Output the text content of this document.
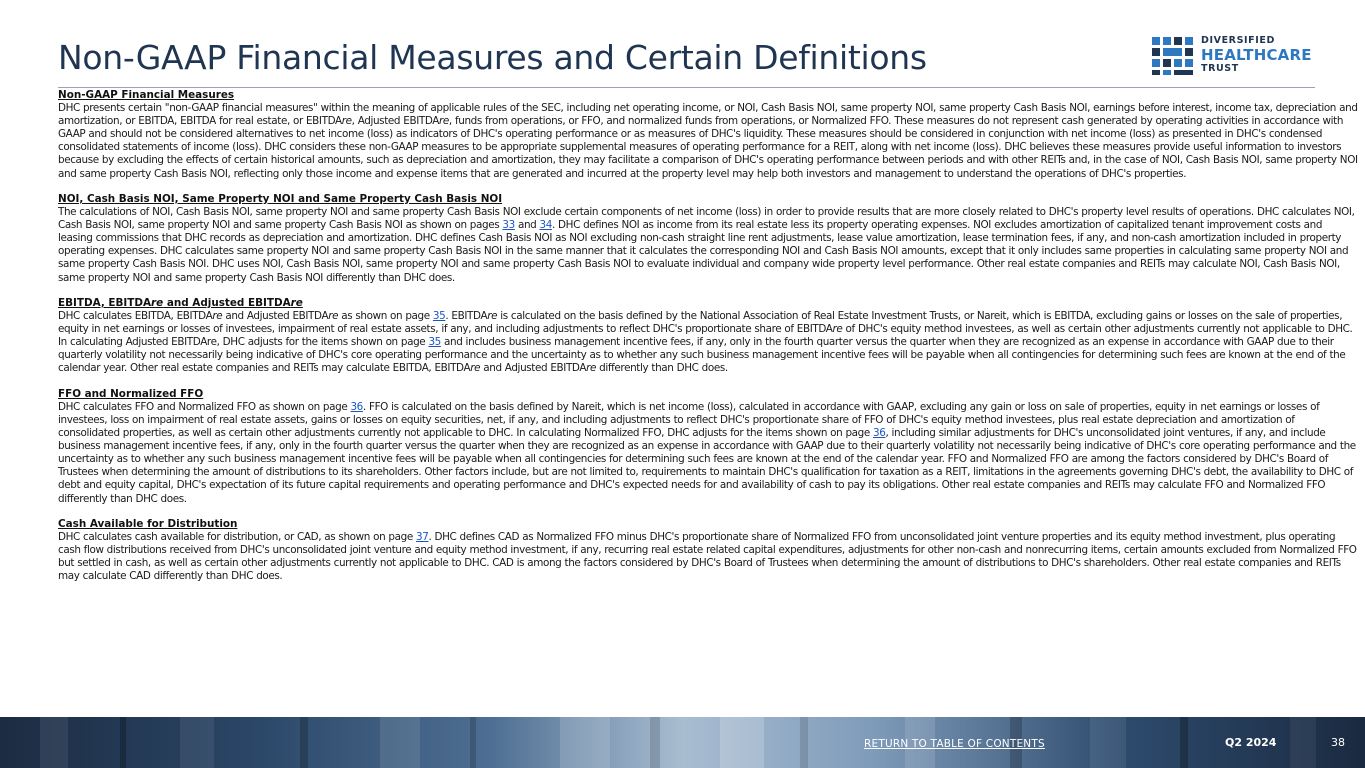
Non-GAAP Financial Measures and Certain Definitions	DIVERSIFIED
HEALTHCARE
TRUST
Non-GAAP Financial Measures

DHC presents certain "non-GAAP financial measures" within the meaning of applicable rules of the SEC, including net operating income, or NOI, Cash Basis NOI, same property NOI, same property Cash Basis NOI, earnings before interest, income tax, depreciation and amortization, or EBITDA, EBITDA for real estate, or EBITDAre, Adjusted EBITDAre, funds from operations, or FFO, and normalized funds from operations, or Normalized FFO. These measures do not represent cash generated by operating activities in accordance with GAAP and should not be considered alternatives to net income (loss) as indicators of DHC's operating performance or as measures of DHC's liquidity. These measures should be considered in conjunction with net income (loss) as presented in DHC's condensed consolidated statements of income (loss). DHC considers these non-GAAP measures to be appropriate supplemental measures of operating performance for a REIT, along with net income (loss). DHC believes these measures provide useful information to investors because by excluding the effects of certain historical amounts, such as depreciation and amortization, they may facilitate a comparison of DHC's operating performance between periods and with other REITs and, in the case of NOI, Cash Basis NOI, same property NOI and same property Cash Basis NOI, reflecting only those income and expense items that are generated and incurred at the property level may help both investors and management to understand the operations of DHC's properties.

NOI, Cash Basis NOI, Same Property NOI and Same Property Cash Basis NOI

The calculations of NOI, Cash Basis NOI, same property NOI and same property Cash Basis NOI exclude certain components of net income (loss) in order to provide results that are more closely related to DHC's property level results of operations. DHC calculates NOI, Cash Basis NOI, same property NOI and same property Cash Basis NOI as shown on pages 33 and 34. DHC defines NOI as income from its real estate less its property operating expenses. NOI excludes amortization of capitalized tenant improvement costs and leasing commissions that DHC records as depreciation and amortization. DHC defines Cash Basis NOI as NOI excluding non-cash straight line rent adjustments, lease value amortization, lease termination fees, if any, and non-cash amortization included in property operating expenses. DHC calculates same property NOI and same property Cash Basis NOI in the same manner that it calculates the corresponding NOI and Cash Basis NOI amounts, except that it only includes same properties in calculating same property NOI and same property Cash Basis NOI. DHC uses NOI, Cash Basis NOI, same property NOI and same property Cash Basis NOI to evaluate individual and company wide property level performance. Other real estate companies and REITs may calculate NOI, Cash Basis NOI, same property NOI and same property Cash Basis NOI differently than DHC does.

EBITDA, EBITDAre and Adjusted EBITDAre

DHC calculates EBITDA, EBITDAre and Adjusted EBITDAre as shown on page 35. EBITDAre is calculated on the basis defined by the National Association of Real Estate Investment Trusts, or Nareit, which is EBITDA, excluding gains or losses on the sale of properties, equity in net earnings or losses of investees, impairment of real estate assets, if any, and including adjustments to reflect DHC's proportionate share of EBITDAre of DHC's equity method investees, as well as certain other adjustments currently not applicable to DHC. In calculating Adjusted EBITDAre, DHC adjusts for the items shown on page 35 and includes business management incentive fees, if any, only in the fourth quarter versus the quarter when they are recognized as an expense in accordance with GAAP due to their quarterly volatility not necessarily being indicative of DHC's core operating performance and the uncertainty as to whether any such business management incentive fees will be payable when all contingencies for determining such fees are known at the end of the calendar year. Other real estate companies and REITs may calculate EBITDA, EBITDAre and Adjusted EBITDAre differently than DHC does.

FFO and Normalized FFO

DHC calculates FFO and Normalized FFO as shown on page 36. FFO is calculated on the basis defined by Nareit, which is net income (loss), calculated in accordance with GAAP, excluding any gain or loss on sale of properties, equity in net earnings or losses of investees, loss on impairment of real estate assets, gains or losses on equity securities, net, if any, and including adjustments to reflect DHC's proportionate share of FFO of DHC's equity method investees, plus real estate depreciation and amortization of consolidated properties, as well as certain other adjustments currently not applicable to DHC. In calculating Normalized FFO, DHC adjusts for the items shown on page 36, including similar adjustments for DHC's unconsolidated joint ventures, if any, and include business management incentive fees, if any, only in the fourth quarter versus the quarter when they are recognized as an expense in accordance with GAAP due to their quarterly volatility not necessarily being indicative of DHC's core operating performance and the uncertainty as to whether any such business management incentive fees will be payable when all contingencies for determining such fees are known at the end of the calendar year. FFO and Normalized FFO are among the factors considered by DHC's Board of Trustees when determining the amount of distributions to its shareholders. Other factors include, but are not limited to, requirements to maintain DHC's qualification for taxation as a REIT, limitations in the agreements governing DHC's debt, the availability to DHC of debt and equity capital, DHC's expectation of its future capital requirements and operating performance and DHC's expected needs for and availability of cash to pay its obligations. Other real estate companies and REITs may calculate FFO and Normalized FFO differently than DHC does.

Cash Available for Distribution

DHC calculates cash available for distribution, or CAD, as shown on page 37. DHC defines CAD as Normalized FFO minus DHC's proportionate share of Normalized FFO from unconsolidated joint venture properties and its equity method investment, plus operating cash flow distributions received from DHC's unconsolidated joint venture and equity method investment, if any, recurring real estate related capital expenditures, adjustments for other non-cash and nonrecurring items, certain amounts excluded from Normalized FFO but settled in cash, as well as certain other adjustments currently not applicable to DHC. CAD is among the factors considered by DHC's Board of Trustees when determining the amount of distributions to DHC's shareholders. Other real estate companies and REITs may calculate CAD differently than DHC does.

RETURN TO TABLE OF CONTENTS	Q2 2024	38
